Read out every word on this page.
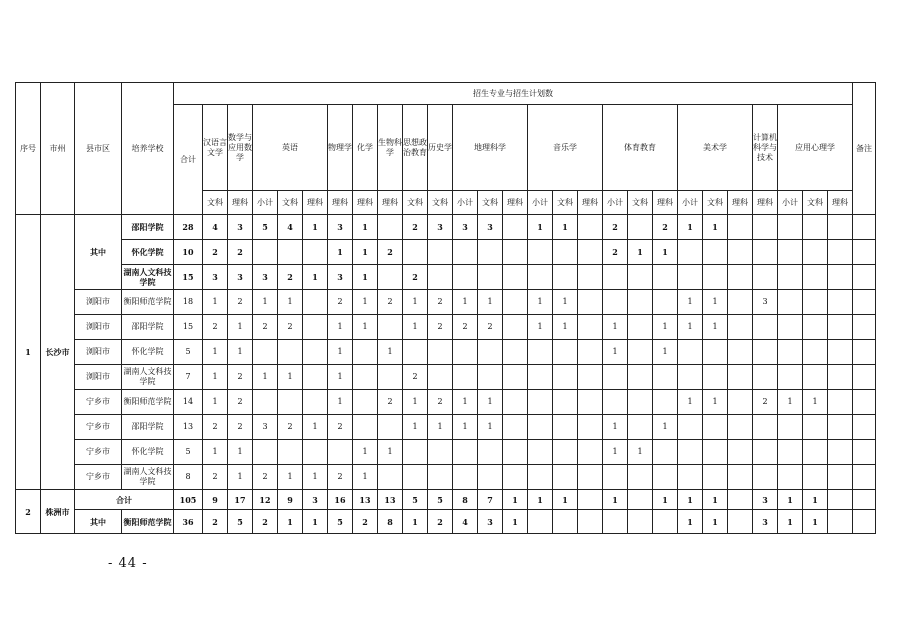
序号	市州	县市区	培养学校	招生专业与招生计划数																											备注
				合计	汉语言文学	数学与应用数学	英语			物理学	化学	生物科学	思想政治教育	历史学	地理科学			音乐学			体育教育			美术学			计算机科学与技术	应用心理学			
					文科	理科	小计	文科	理科	理科	理科	理科	文科	文科	小计	文科	理科	小计	文科	理科	小计	文科	理科	小计	文科	理科	理科	小计	文科	理科	
1	长沙市	其中	邵阳学院	28	4	3	5	4	1	3	1		2	3	3	3		1	1		2		2	1	1						
			怀化学院	10	2	2				1	1	2									2	1	1								
			湖南人文科技学院	15	3	3	3	2	1	3	1		2																		
		浏阳市	衡阳师范学院	18	1	2	1	1		2	1	2	1	2	1	1		1	1					1	1		3				
		浏阳市	邵阳学院	15	2	1	2	2		1	1		1	2	2	2		1	1		1		1	1	1						
		浏阳市	怀化学院	5	1	1				1		1									1		1								
		浏阳市	湖南人文科技学院	7	1	2	1	1		1			2																		
		宁乡市	衡阳师范学院	14	1	2				1		2	1	2	1	1								1	1		2	1	1		
		宁乡市	邵阳学院	13	2	2	3	2	1	2			1	1	1	1					1		1								
		宁乡市	怀化学院	5	1	1					1	1									1	1									
		宁乡市	湖南人文科技学院	8	2	1	2	1	1	2	1																				
2	株洲市	合计		105	9	17	12	9	3	16	13	13	5	5	8	7	1	1	1		1		1	1	1		3	1	1		
		其中	衡阳师范学院	36	2	5	2	1	1	5	2	8	1	2	4	3	1							1	1		3	1	1		
- 44 -
